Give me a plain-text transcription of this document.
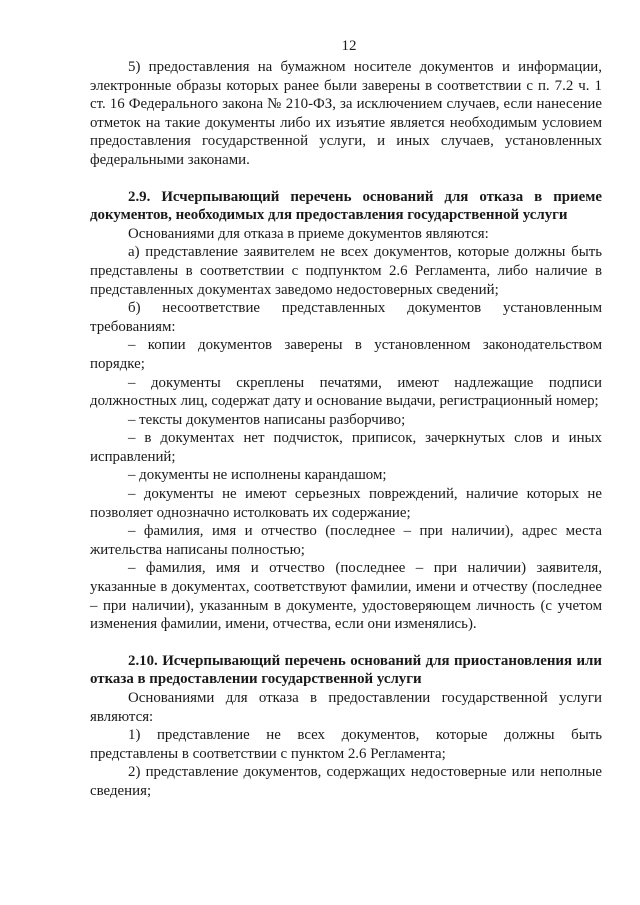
12

5) предоставления на бумажном носителе документов и информации, электронные образы которых ранее были заверены в соответствии с п. 7.2 ч. 1 ст. 16 Федерального закона № 210-ФЗ, за исключением случаев, если нанесение отметок на такие документы либо их изъятие является необходимым условием предоставления государственной услуги, и иных случаев, установленных федеральными законами.

2.9. Исчерпывающий перечень оснований для отказа в приеме документов, необходимых для предоставления государственной услуги

Основаниями для отказа в приеме документов являются:

а) представление заявителем не всех документов, которые должны быть представлены в соответствии с подпунктом 2.6 Регламента, либо наличие в представленных документах заведомо недостоверных сведений;

б) несоответствие представленных документов установленным требованиям:

– копии документов заверены в установленном законодательством порядке;

– документы скреплены печатями, имеют надлежащие подписи должностных лиц, содержат дату и основание выдачи, регистрационный номер;

– тексты документов написаны разборчиво;

– в документах нет подчисток, приписок, зачеркнутых слов и иных исправлений;

– документы не исполнены карандашом;

– документы не имеют серьезных повреждений, наличие которых не позволяет однозначно истолковать их содержание;

– фамилия, имя и отчество (последнее – при наличии), адрес места жительства написаны полностью;

– фамилия, имя и отчество (последнее – при наличии) заявителя, указанные в документах, соответствуют фамилии, имени и отчеству (последнее – при наличии), указанным в документе, удостоверяющем личность (с учетом изменения фамилии, имени, отчества, если они изменялись).

2.10. Исчерпывающий перечень оснований для приостановления или отказа в предоставлении государственной услуги

Основаниями для отказа в предоставлении государственной услуги являются:

1) представление не всех документов, которые должны быть представлены в соответствии с пунктом 2.6 Регламента;

2) представление документов, содержащих недостоверные или неполные сведения;
